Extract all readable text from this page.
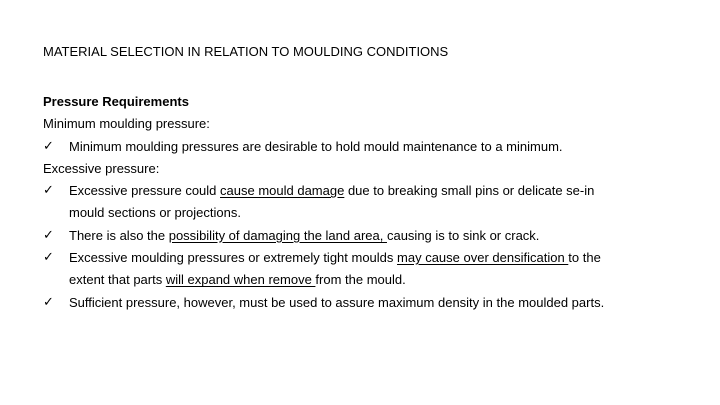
MATERIAL SELECTION IN RELATION TO MOULDING CONDITIONS
Pressure Requirements
Minimum moulding pressure:
✓ Minimum moulding pressures are desirable to hold mould maintenance to a minimum.
Excessive pressure:
✓ Excessive pressure could cause mould damage due to breaking small pins or delicate se-in
mould sections or projections.
✓ There is also the possibility of damaging the land area, causing is to sink or crack.
✓ Excessive moulding pressures or extremely tight moulds may cause over densification to the
extent that parts will expand when remove from the mould.
✓ Sufficient pressure, however, must be used to assure maximum density in the moulded parts.
